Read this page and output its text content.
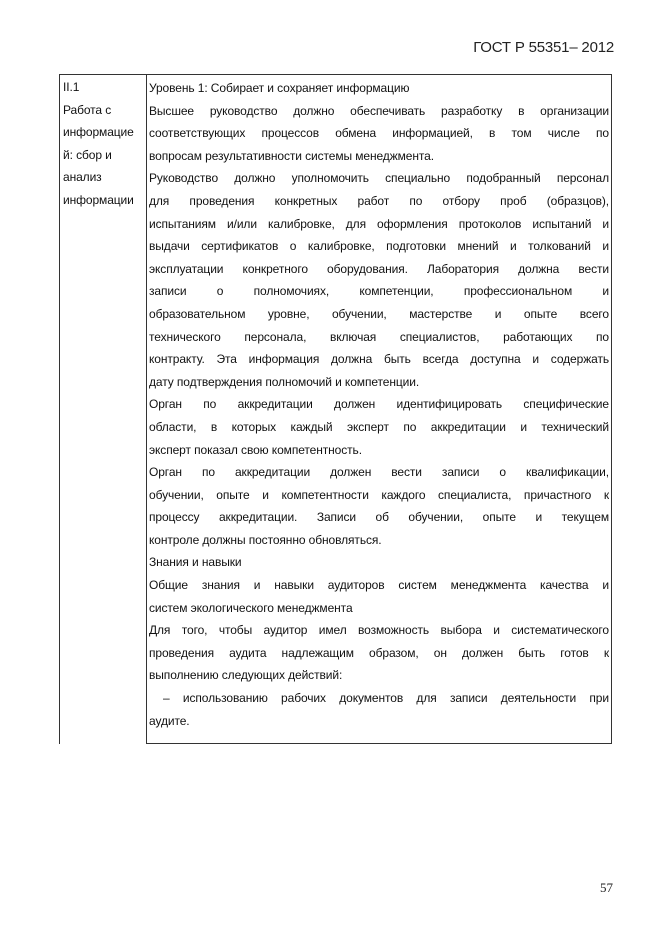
ГОСТ Р 55351– 2012
II.1
Работа с
информацие
й: сбор и
анализ
информации
Уровень 1: Собирает и сохраняет информацию
Высшее руководство должно обеспечивать разработку в организации
соответствующих процессов обмена информацией, в том числе по
вопросам результативности системы менеджмента.
Руководство должно уполномочить специально подобранный персонал
для проведения конкретных работ по отбору проб (образцов),
испытаниям и/или калибровке, для оформления протоколов испытаний и
выдачи сертификатов о калибровке, подготовки мнений и толкований и
эксплуатации конкретного оборудования. Лаборатория должна вести
записи о полномочиях, компетенции, профессиональном и
образовательном уровне, обучении, мастерстве и опыте всего
технического персонала, включая специалистов, работающих по
контракту. Эта информация должна быть всегда доступна и содержать
дату подтверждения полномочий и компетенции.
Орган по аккредитации должен идентифицировать специфические
области, в которых каждый эксперт по аккредитации и технический
эксперт показал свою компетентность.
Орган по аккредитации должен вести записи о квалификации,
обучении, опыте и компетентности каждого специалиста, причастного к
процессу аккредитации. Записи об обучении, опыте и текущем
контроле должны постоянно обновляться.
Знания и навыки
Общие знания и навыки аудиторов систем менеджмента качества и
систем экологического менеджмента
Для того, чтобы аудитор имел возможность выбора и систематического
проведения аудита надлежащим образом, он должен быть готов к
выполнению следующих действий:
– использованию рабочих документов для записи деятельности при
аудите.
57
